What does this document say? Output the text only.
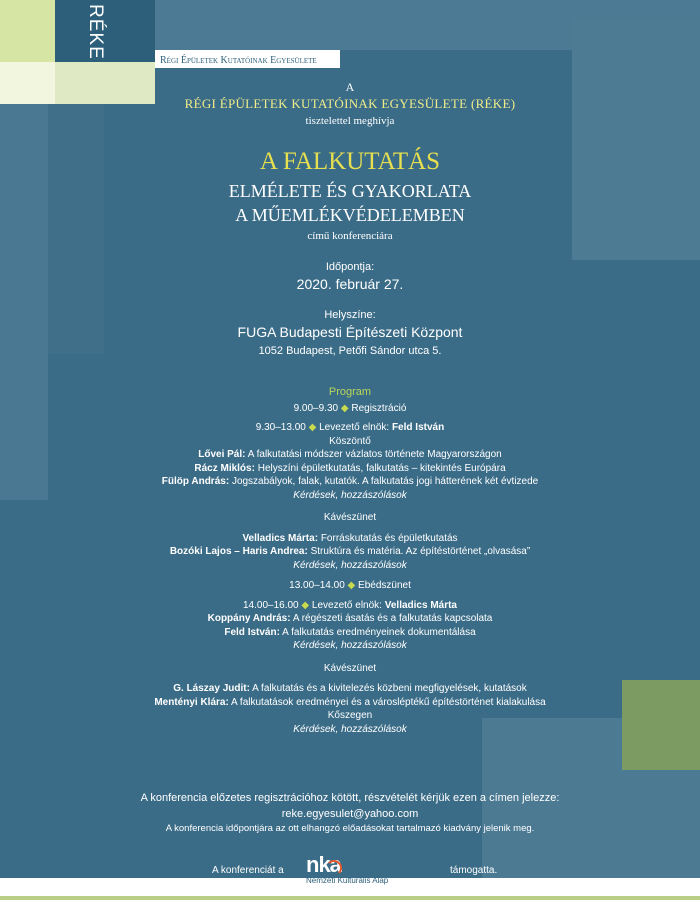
RÉKE
Régi Épületek Kutatóinak Egyesülete
A
RÉGI ÉPÜLETEK KUTATÓINAK EGYESÜLETE (RÉKE)
tisztelettel meghívja
A FALKUTATÁS
ELMÉLETE ÉS GYAKORLATA
A MŰEMLÉKVÉDELEMBEN
című konferenciára
Időpontja:
2020. február 27.
Helyszíne:
FUGA Budapesti Építészeti Központ
1052 Budapest, Petőfi Sándor utca 5.
Program
9.00–9.30 ◆ Regisztráció
9.30–13.00 ◆ Levezető elnök: Feld István
Köszöntő
Lővei Pál: A falkutatási módszer vázlatos története Magyarországon
Rácz Miklós: Helyszíni épületkutatás, falkutatás – kitekintés Európára
Fülöp András: Jogszabályok, falak, kutatók. A falkutatás jogi hátterének két évtizede
Kérdések, hozzászólások
Kávészünet
Velladics Márta: Forráskutatás és épületkutatás
Bozóki Lajos – Haris Andrea: Struktúra és matéria. Az építéstörténet „olvasása”
Kérdések, hozzászólások
13.00–14.00 ◆ Ebédszünet
14.00–16.00 ◆ Levezető elnök: Velladics Márta
Koppány András: A régészeti ásatás és a falkutatás kapcsolata
Feld István: A falkutatás eredményeinek dokumentálása
Kérdések, hozzászólások
Kávészünet
G. Lászay Judit: A falkutatás és a kivitelezés közbeni megfigyelések, kutatások
Mentényi Klára: A falkutatások eredményei és a városléptékű építéstörténet kialakulása
Kőszegen
Kérdések, hozzászólások
A konferencia előzetes regisztrációhoz kötött, részvételét kérjük ezen a címen jelezze:
reke.egyesulet@yahoo.com
A konferencia időpontjára az ott elhangzó előadásokat tartalmazó kiadvány jelenik meg.
A konferenciát a nka
Nemzeti Kulturális Alap
támogatta.
